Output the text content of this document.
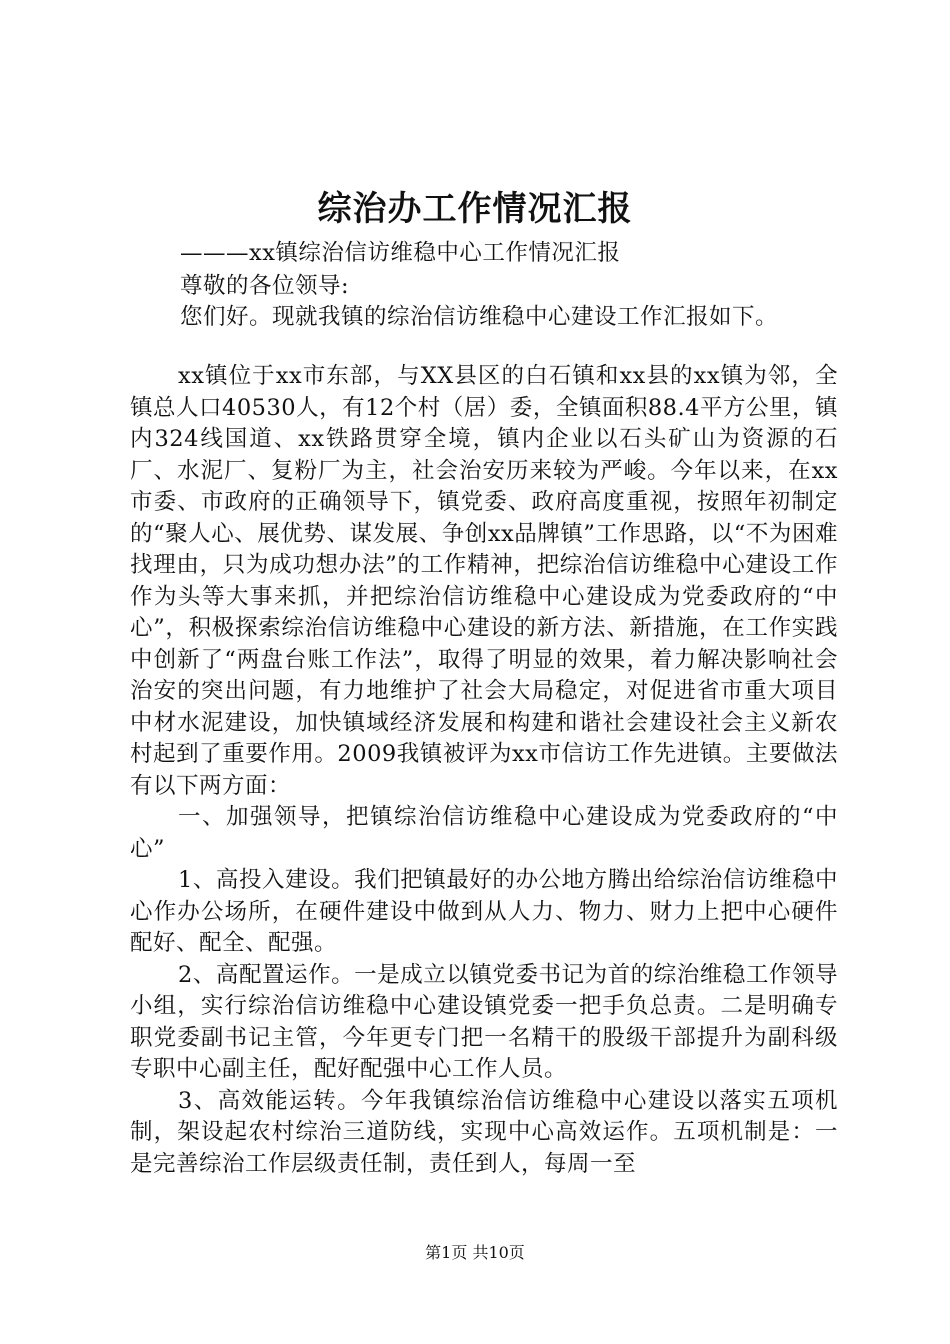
综治办工作情况汇报
———xx镇综治信访维稳中心工作情况汇报
尊敬的各位领导:
您们好。现就我镇的综治信访维稳中心建设工作汇报如下。

xx镇位于xx市东部，与XX县区的白石镇和xx县的xx镇为邻，全镇总人口40530人，有12个村（居）委，全镇面积88.4平方公里，镇内324线国道、xx铁路贯穿全境，镇内企业以石头矿山为资源的石厂、水泥厂、复粉厂为主，社会治安历来较为严峻。今年以来，在xx市委、市政府的正确领导下，镇党委、政府高度重视，按照年初制定的“聚人心、展优势、谋发展、争创xx品牌镇”工作思路，以“不为困难找理由，只为成功想办法”的工作精神，把综治信访维稳中心建设工作作为头等大事来抓，并把综治信访维稳中心建设成为党委政府的“中心”，积极探索综治信访维稳中心建设的新方法、新措施，在工作实践中创新了“两盘台账工作法”，取得了明显的效果，着力解决影响社会治安的突出问题，有力地维护了社会大局稳定，对促进省市重大项目中材水泥建设，加快镇域经济发展和构建和谐社会建设社会主义新农村起到了重要作用。2009我镇被评为xx市信访工作先进镇。主要做法有以下两方面：

一、加强领导，把镇综治信访维稳中心建设成为党委政府的“中心”

1、高投入建设。我们把镇最好的办公地方腾出给综治信访维稳中心作办公场所，在硬件建设中做到从人力、物力、财力上把中心硬件配好、配全、配强。

2、高配置运作。一是成立以镇党委书记为首的综治维稳工作领导小组，实行综治信访维稳中心建设镇党委一把手负总责。二是明确专职党委副书记主管，今年更专门把一名精干的股级干部提升为副科级专职中心副主任，配好配强中心工作人员。

3、高效能运转。今年我镇综治信访维稳中心建设以落实五项机制，架设起农村综治三道防线，实现中心高效运作。五项机制是：一是完善综治工作层级责任制，责任到人，每周一至

第1页 共10页
